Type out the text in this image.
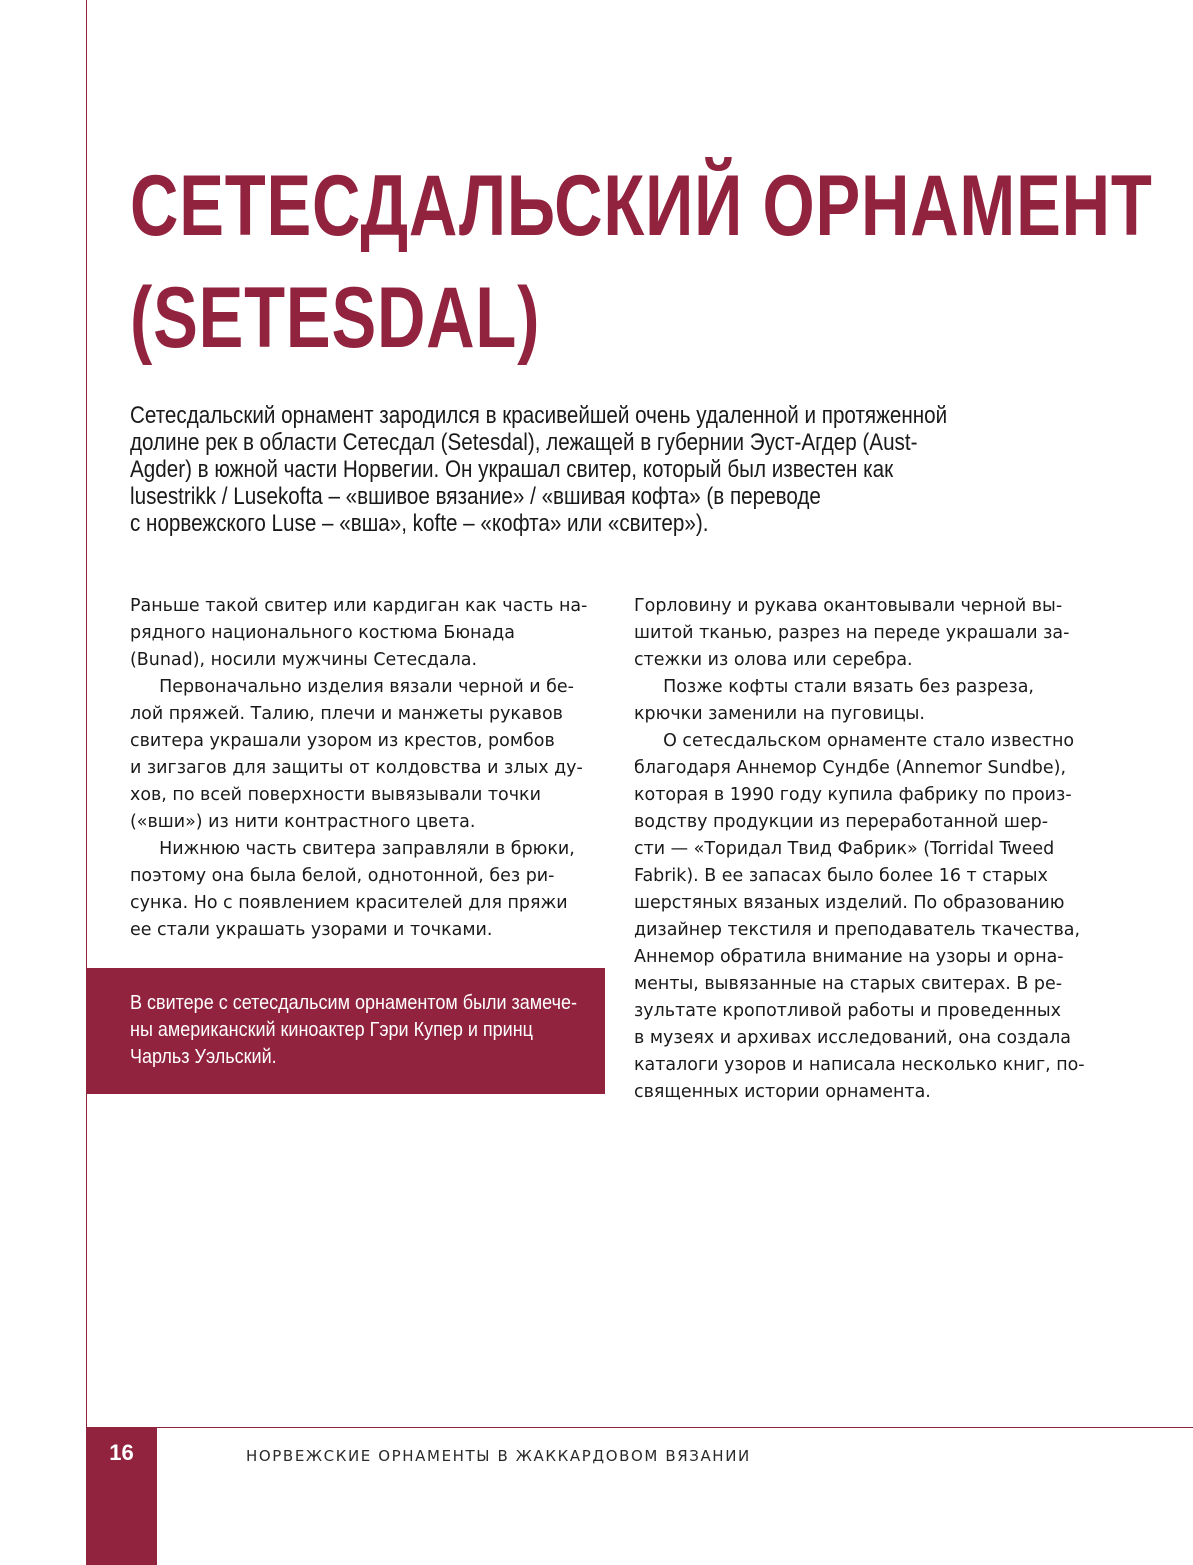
СЕТЕСДАЛЬСКИЙ ОРНАМЕНТ
(SETESDAL)

Сетесдальский орнамент зародился в красивейшей очень удаленной и протяженной
долине рек в области Сетесдал (Setesdal), лежащей в губернии Эуст-Агдер (Aust-
Agder) в южной части Норвегии. Он украшал свитер, который был известен как
lusestrikk / Lusekofta – «вшивое вязание» / «вшивая кофта» (в переводе
с норвежского Luse – «вша», kofte – «кофта» или «свитер»).

Раньше такой свитер или кардиган как часть на-
рядного национального костюма Бюнада
(Bunad), носили мужчины Сетесдала.
Первоначально изделия вязали черной и бе-
лой пряжей. Талию, плечи и манжеты рукавов
свитера украшали узором из крестов, ромбов
и зигзагов для защиты от колдовства и злых ду-
хов, по всей поверхности вывязывали точки
(«вши») из нити контрастного цвета.
Нижнюю часть свитера заправляли в брюки,
поэтому она была белой, однотонной, без ри-
сунка. Но с появлением красителей для пряжи
ее стали украшать узорами и точками.
В свитере с сетесдальсим орнаментом были замече-
ны американский киноактер Гэри Купер и принц
Чарльз Уэльский.
Горловину и рукава окантовывали черной вы-
шитой тканью, разрез на переде украшали за-
стежки из олова или серебра.
Позже кофты стали вязать без разреза,
крючки заменили на пуговицы.
О сетесдальском орнаменте стало известно
благодаря Аннемор Сундбе (Annemor Sundbe),
которая в 1990 году купила фабрику по произ-
водству продукции из переработанной шер-
сти — «Торидал Твид Фабрик» (Torridal Tweed
Fabrik). В ее запасах было более 16 т старых
шерстяных вязаных изделий. По образованию
дизайнер текстиля и преподаватель ткачества,
Аннемор обратила внимание на узоры и орна-
менты, вывязанные на старых свитерах. В ре-
зультате кропотливой работы и проведенных
в музеях и архивах исследований, она создала
каталоги узоров и написала несколько книг, по-
священных истории орнамента.
16	НОРВЕЖСКИЕ ОРНАМЕНТЫ В ЖАККАРДОВОМ ВЯЗАНИИ
